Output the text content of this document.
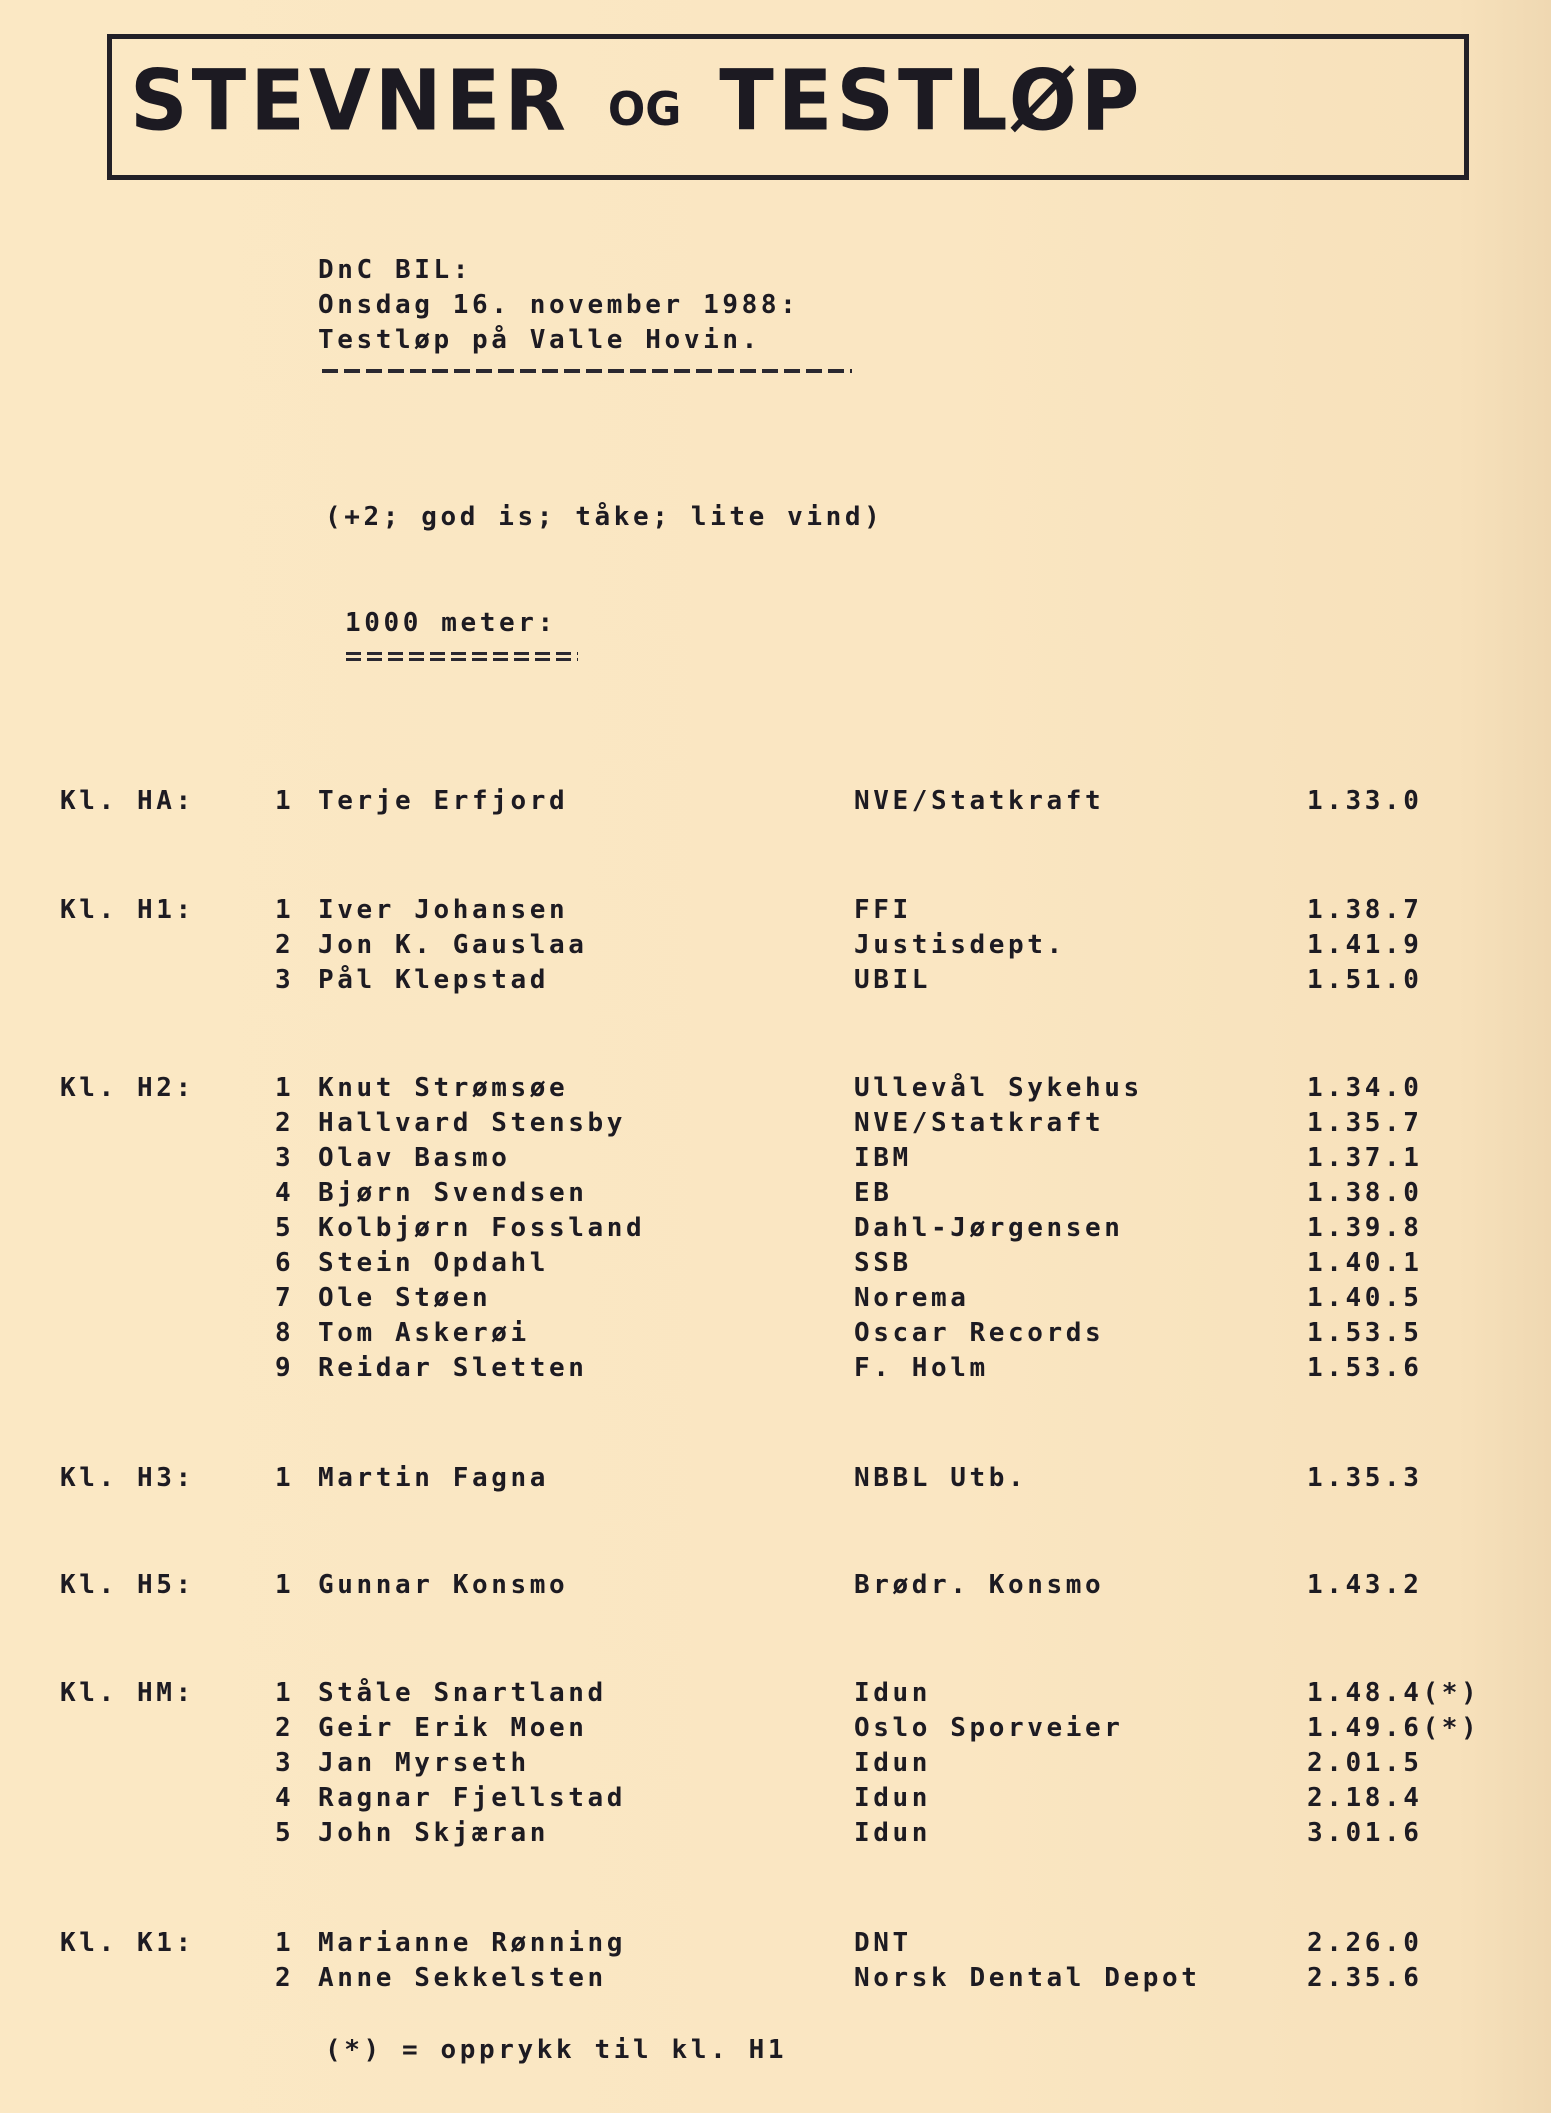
STEVNER OG TESTLØP
DnC BIL:
Onsdag 16. november 1988:
Testløp på Valle Hovin.
(+2; god is; tåke; lite vind)
1000 meter:
Kl. HA:	1 Terje Erfjord	NVE/Statkraft	1.33.0
Kl. H1:	1 Iver Johansen	FFI	1.38.7
2 Jon K. Gauslaa	Justisdept.	1.41.9
3 Pål Klepstad	UBIL	1.51.0
Kl. H2:	1 Knut Strømsøe	Ullevål Sykehus	1.34.0
2 Hallvard Stensby	NVE/Statkraft	1.35.7
3 Olav Basmo	IBM	1.37.1
4 Bjørn Svendsen	EB	1.38.0
5 Kolbjørn Fossland	Dahl-Jørgensen	1.39.8
6 Stein Opdahl	SSB	1.40.1
7 Ole Støen	Norema	1.40.5
8 Tom Askerøi	Oscar Records	1.53.5
9 Reidar Sletten	F. Holm	1.53.6
Kl. H3:	1 Martin Fagna	NBBL Utb.	1.35.3
Kl. H5:	1 Gunnar Konsmo	Brødr. Konsmo	1.43.2
Kl. HM:	1 Ståle Snartland	Idun	1.48.4(*)
2 Geir Erik Moen	Oslo Sporveier	1.49.6(*)
3 Jan Myrseth	Idun	2.01.5
4 Ragnar Fjellstad	Idun	2.18.4
5 John Skjæran	Idun	3.01.6
Kl. K1:	1 Marianne Rønning	DNT	2.26.0
2 Anne Sekkelsten	Norsk Dental Depot	2.35.6
(*) = opprykk til kl. H1
